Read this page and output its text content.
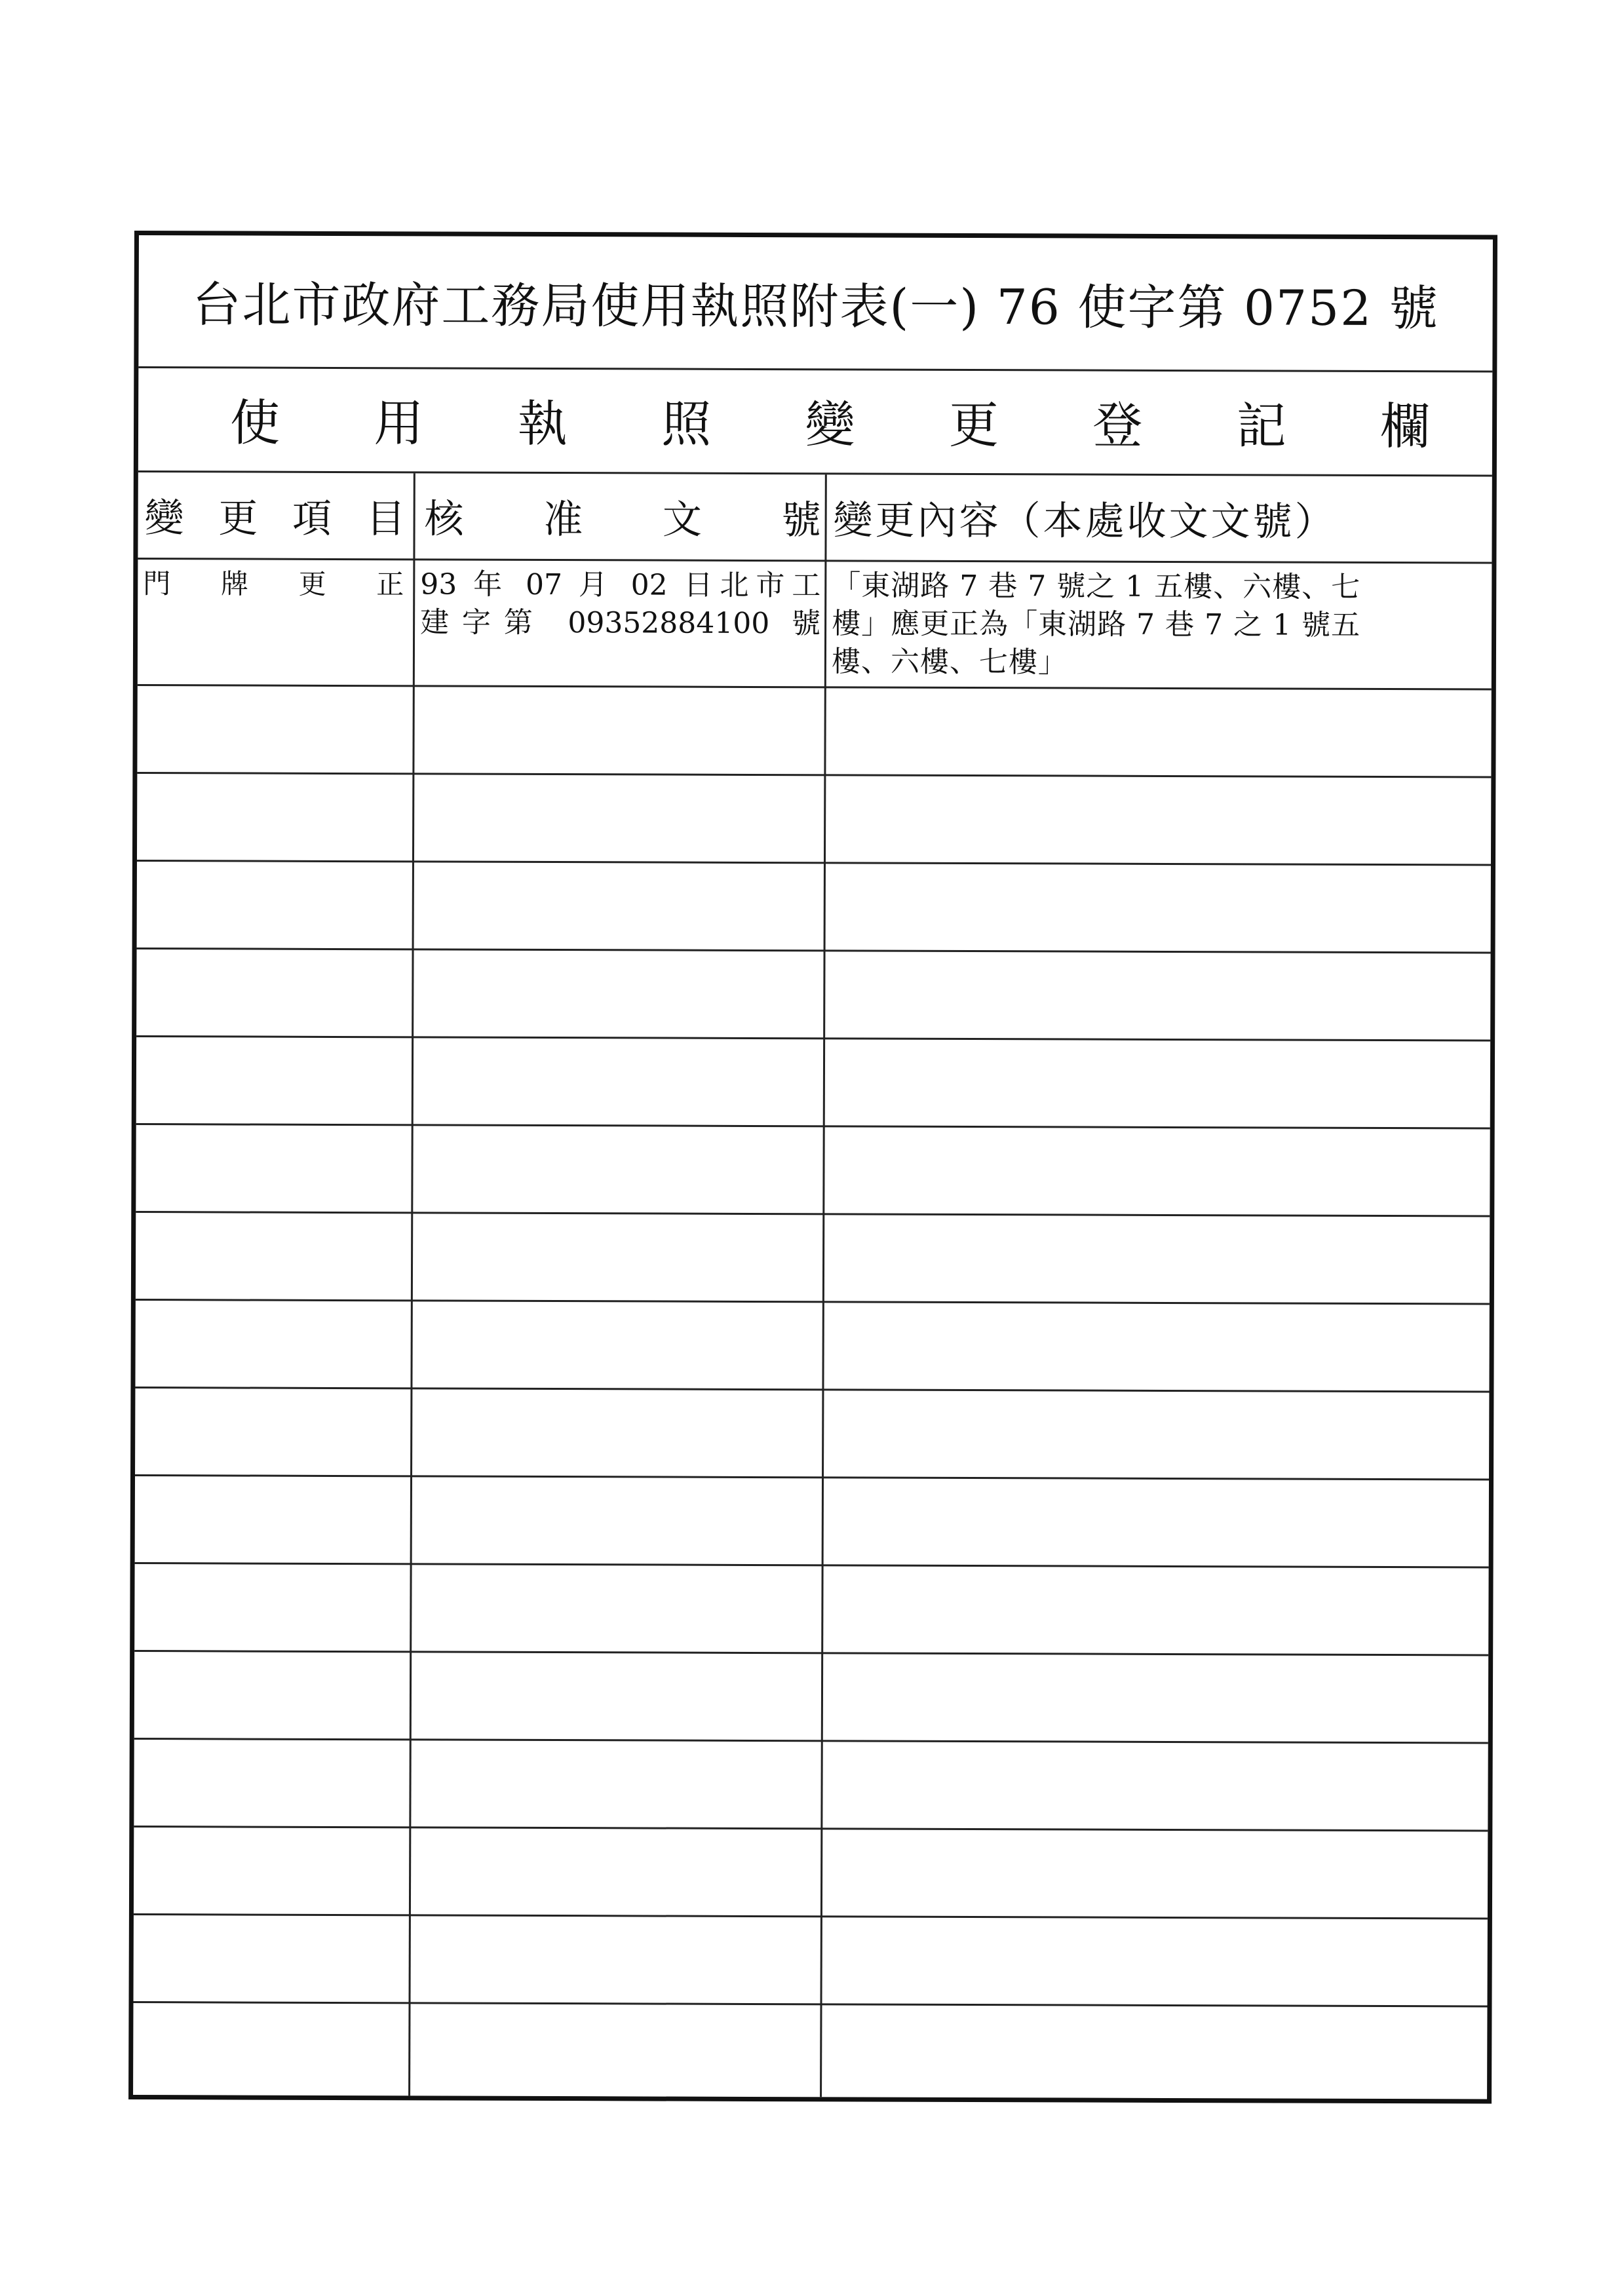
台北市政府工務局使用執照附表(一) 76 使字第 0752 號
使 用 執 照 變 更 登 記 欄
變 更 項 目 核 准 文 號 變更內容（本處收文文號）
門 牌 更 正 93 年 07 月 02 日北市工
建字第 09352884100 號
「東湖路 7 巷 7 號之 1 五樓、六樓、七
樓」應更正為「東湖路 7 巷 7 之 1 號五
樓、六樓、七樓」
